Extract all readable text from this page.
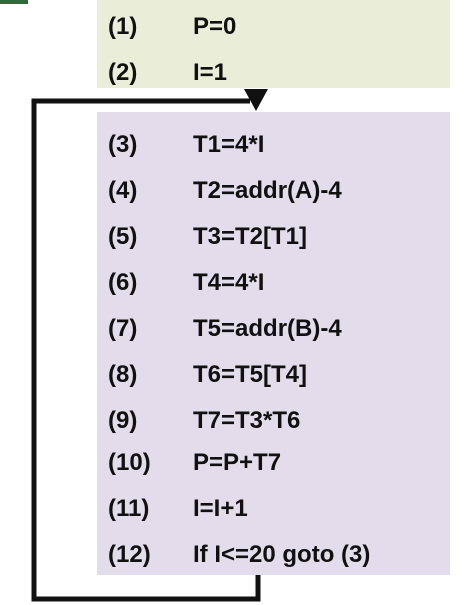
(1) P=0
(2) I=1
(3) T1=4*I
(4) T2=addr(A)-4
(5) T3=T2[T1]
(6) T4=4*I
(7) T5=addr(B)-4
(8) T6=T5[T4]
(9) T7=T3*T6
(10) P=P+T7
(11) I=I+1
(12) If I<=20 goto (3)
